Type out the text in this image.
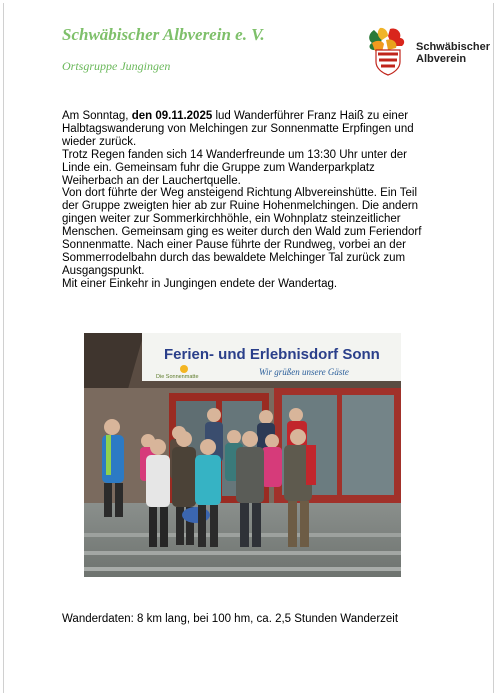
Schwäbischer Albverein e. V.
Ortsgruppe Jungingen
Schwäbischer
Albverein

Am Sonntag, den 09.11.2025 lud Wanderführer Franz Haiß zu einer Halbtagswanderung von Melchingen zur Sonnenmatte Erpfingen und wieder zurück.

Trotz Regen fanden sich 14 Wanderfreunde um 13:30 Uhr unter der Linde ein. Gemeinsam fuhr die Gruppe zum Wanderparkplatz Weiherbach an der Lauchertquelle.

Von dort führte der Weg ansteigend Richtung Albvereinshütte. Ein Teil der Gruppe zweigten hier ab zur Ruine Hohenmelchingen. Die andern gingen weiter zur Sommerkirchhöhle, ein Wohnplatz steinzeitlicher Menschen. Gemeinsam ging es weiter durch den Wald zum Feriendorf Sonnenmatte. Nach einer Pause führte der Rundweg, vorbei an der Sommerrodelbahn durch das bewaldete Melchinger Tal zurück zum Ausgangspunkt.

Mit einer Einkehr in Jungingen endete der Wandertag.

Ferien- und Erlebnisdorf Sonn
Wir grüßen unsere Gäste
Die Sonnenmatte
Wanderdaten: 8 km lang, bei 100 hm, ca. 2,5 Stunden Wanderzeit
